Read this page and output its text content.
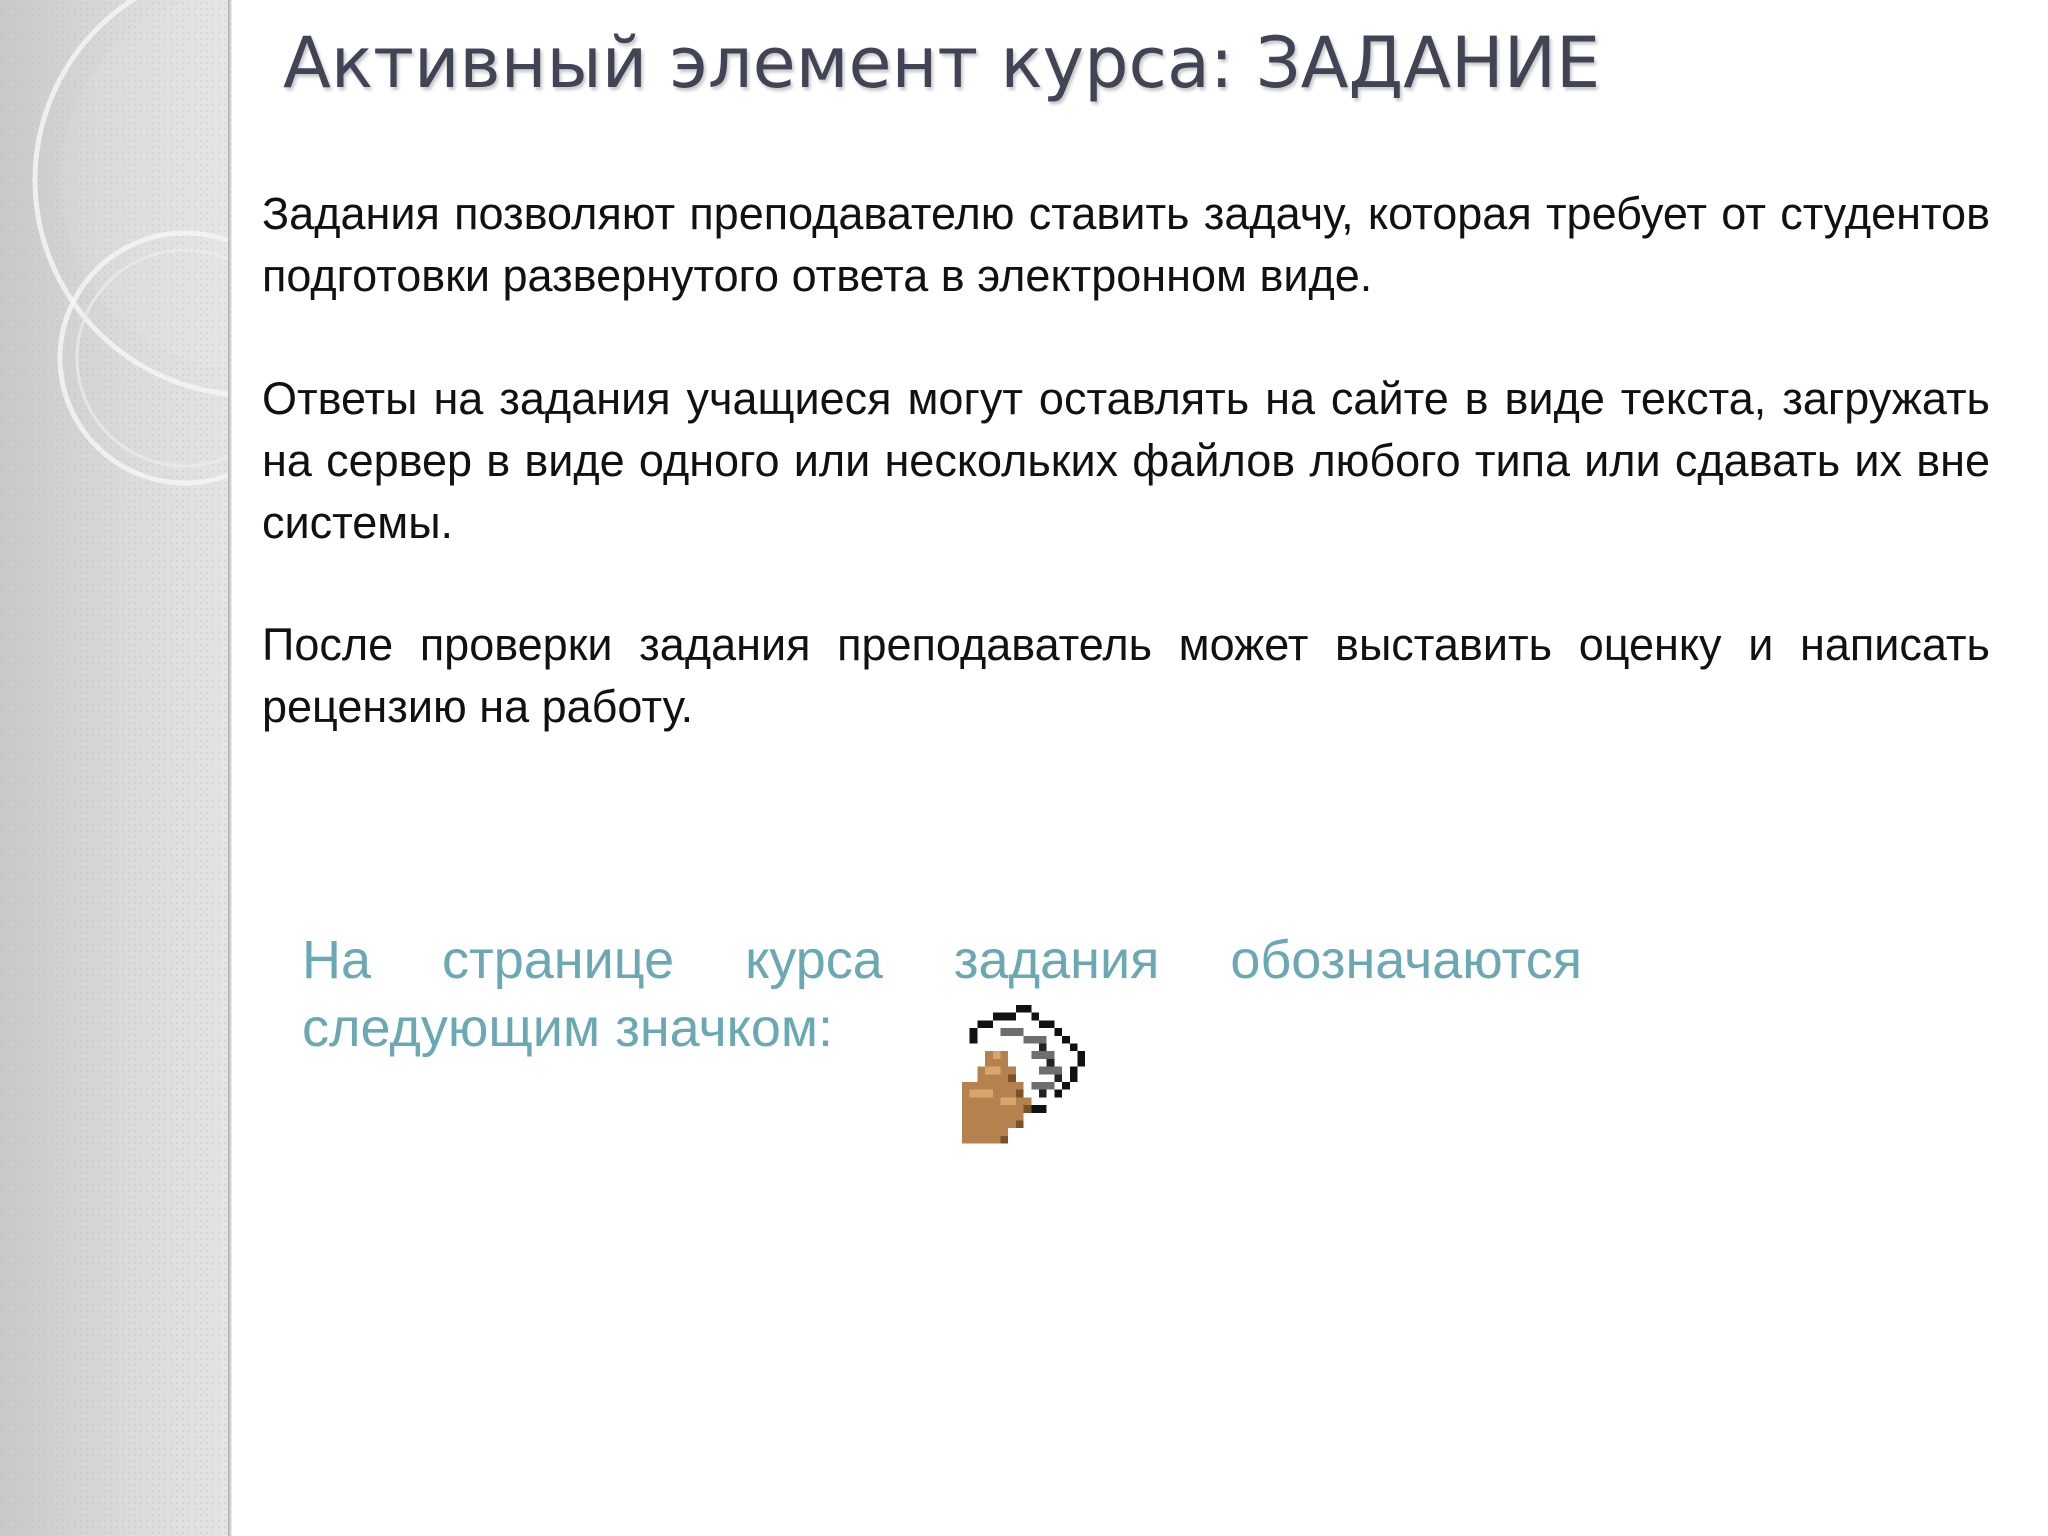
Активный элемент курса: ЗАДАНИЕ

Задания позволяют преподавателю ставить задачу, которая требует от студентов подготовки развернутого ответа в электронном виде.

Ответы на задания учащиеся могут оставлять на сайте в виде текста, загружать на сервер в виде одного или нескольких файлов любого типа или сдавать их вне системы.

После проверки задания преподаватель может выставить оценку и написать рецензию на работу.

На странице курса задания обозначаются следующим значком:
